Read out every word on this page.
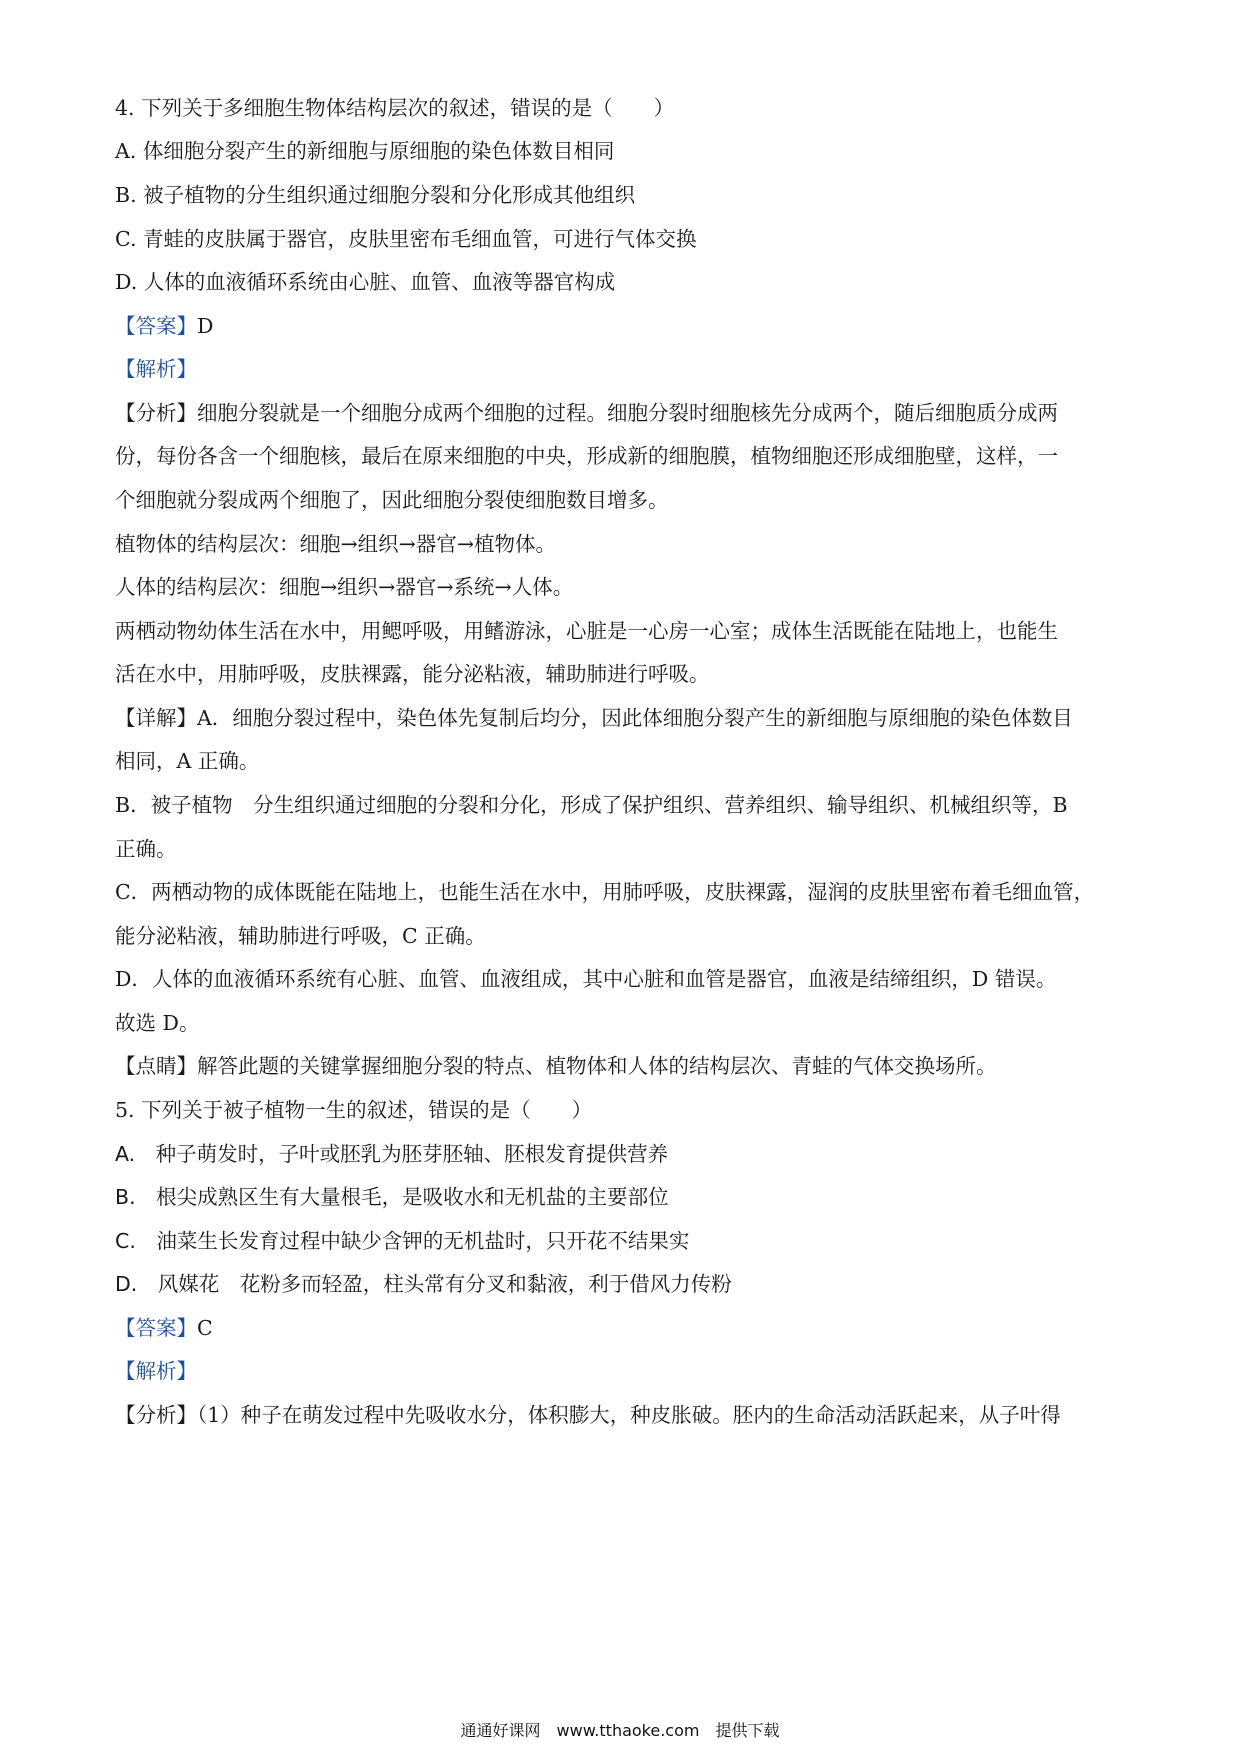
4. 下列关于多细胞生物体结构层次的叙述，错误的是（　　）
A. 体细胞分裂产生的新细胞与原细胞的染色体数目相同
B. 被子植物的分生组织通过细胞分裂和分化形成其他组织
C. 青蛙的皮肤属于器官，皮肤里密布毛细血管，可进行气体交换
D. 人体的血液循环系统由心脏、血管、血液等器官构成
【答案】D
【解析】
【分析】细胞分裂就是一个细胞分成两个细胞的过程。细胞分裂时细胞核先分成两个，随后细胞质分成两
份，每份各含一个细胞核，最后在原来细胞的中央，形成新的细胞膜，植物细胞还形成细胞壁，这样，一
个细胞就分裂成两个细胞了，因此细胞分裂使细胞数目增多。
植物体的结构层次：细胞→组织→器官→植物体。
人体的结构层次：细胞→组织→器官→系统→人体。
两栖动物幼体生活在水中，用鳃呼吸，用鳍游泳，心脏是一心房一心室；成体生活既能在陆地上，也能生
活在水中，用肺呼吸，皮肤裸露，能分泌粘液，辅助肺进行呼吸。
【详解】A．细胞分裂过程中，染色体先复制后均分，因此体细胞分裂产生的新细胞与原细胞的染色体数目
相同，A 正确。
B．被子植物　分生组织通过细胞的分裂和分化，形成了保护组织、营养组织、输导组织、机械组织等，B
正确。
C．两栖动物的成体既能在陆地上，也能生活在水中，用肺呼吸，皮肤裸露，湿润的皮肤里密布着毛细血管，
能分泌粘液，辅助肺进行呼吸，C 正确。
D．人体的血液循环系统有心脏、血管、血液组成，其中心脏和血管是器官，血液是结缔组织，D 错误。
故选 D。
【点睛】解答此题的关键掌握细胞分裂的特点、植物体和人体的结构层次、青蛙的气体交换场所。
5. 下列关于被子植物一生的叙述，错误的是（　　）
A.　种子萌发时，子叶或胚乳为胚芽胚轴、胚根发育提供营养
B.　根尖成熟区生有大量根毛，是吸收水和无机盐的主要部位
C.　油菜生长发育过程中缺少含钾的无机盐时，只开花不结果实
D.　风媒花　花粉多而轻盈，柱头常有分叉和黏液，利于借风力传粉
【答案】C
【解析】
【分析】（1）种子在萌发过程中先吸收水分，体积膨大，种皮胀破。胚内的生命活动活跃起来，从子叶得
通通好课网　www.tthaoke.com　提供下载
